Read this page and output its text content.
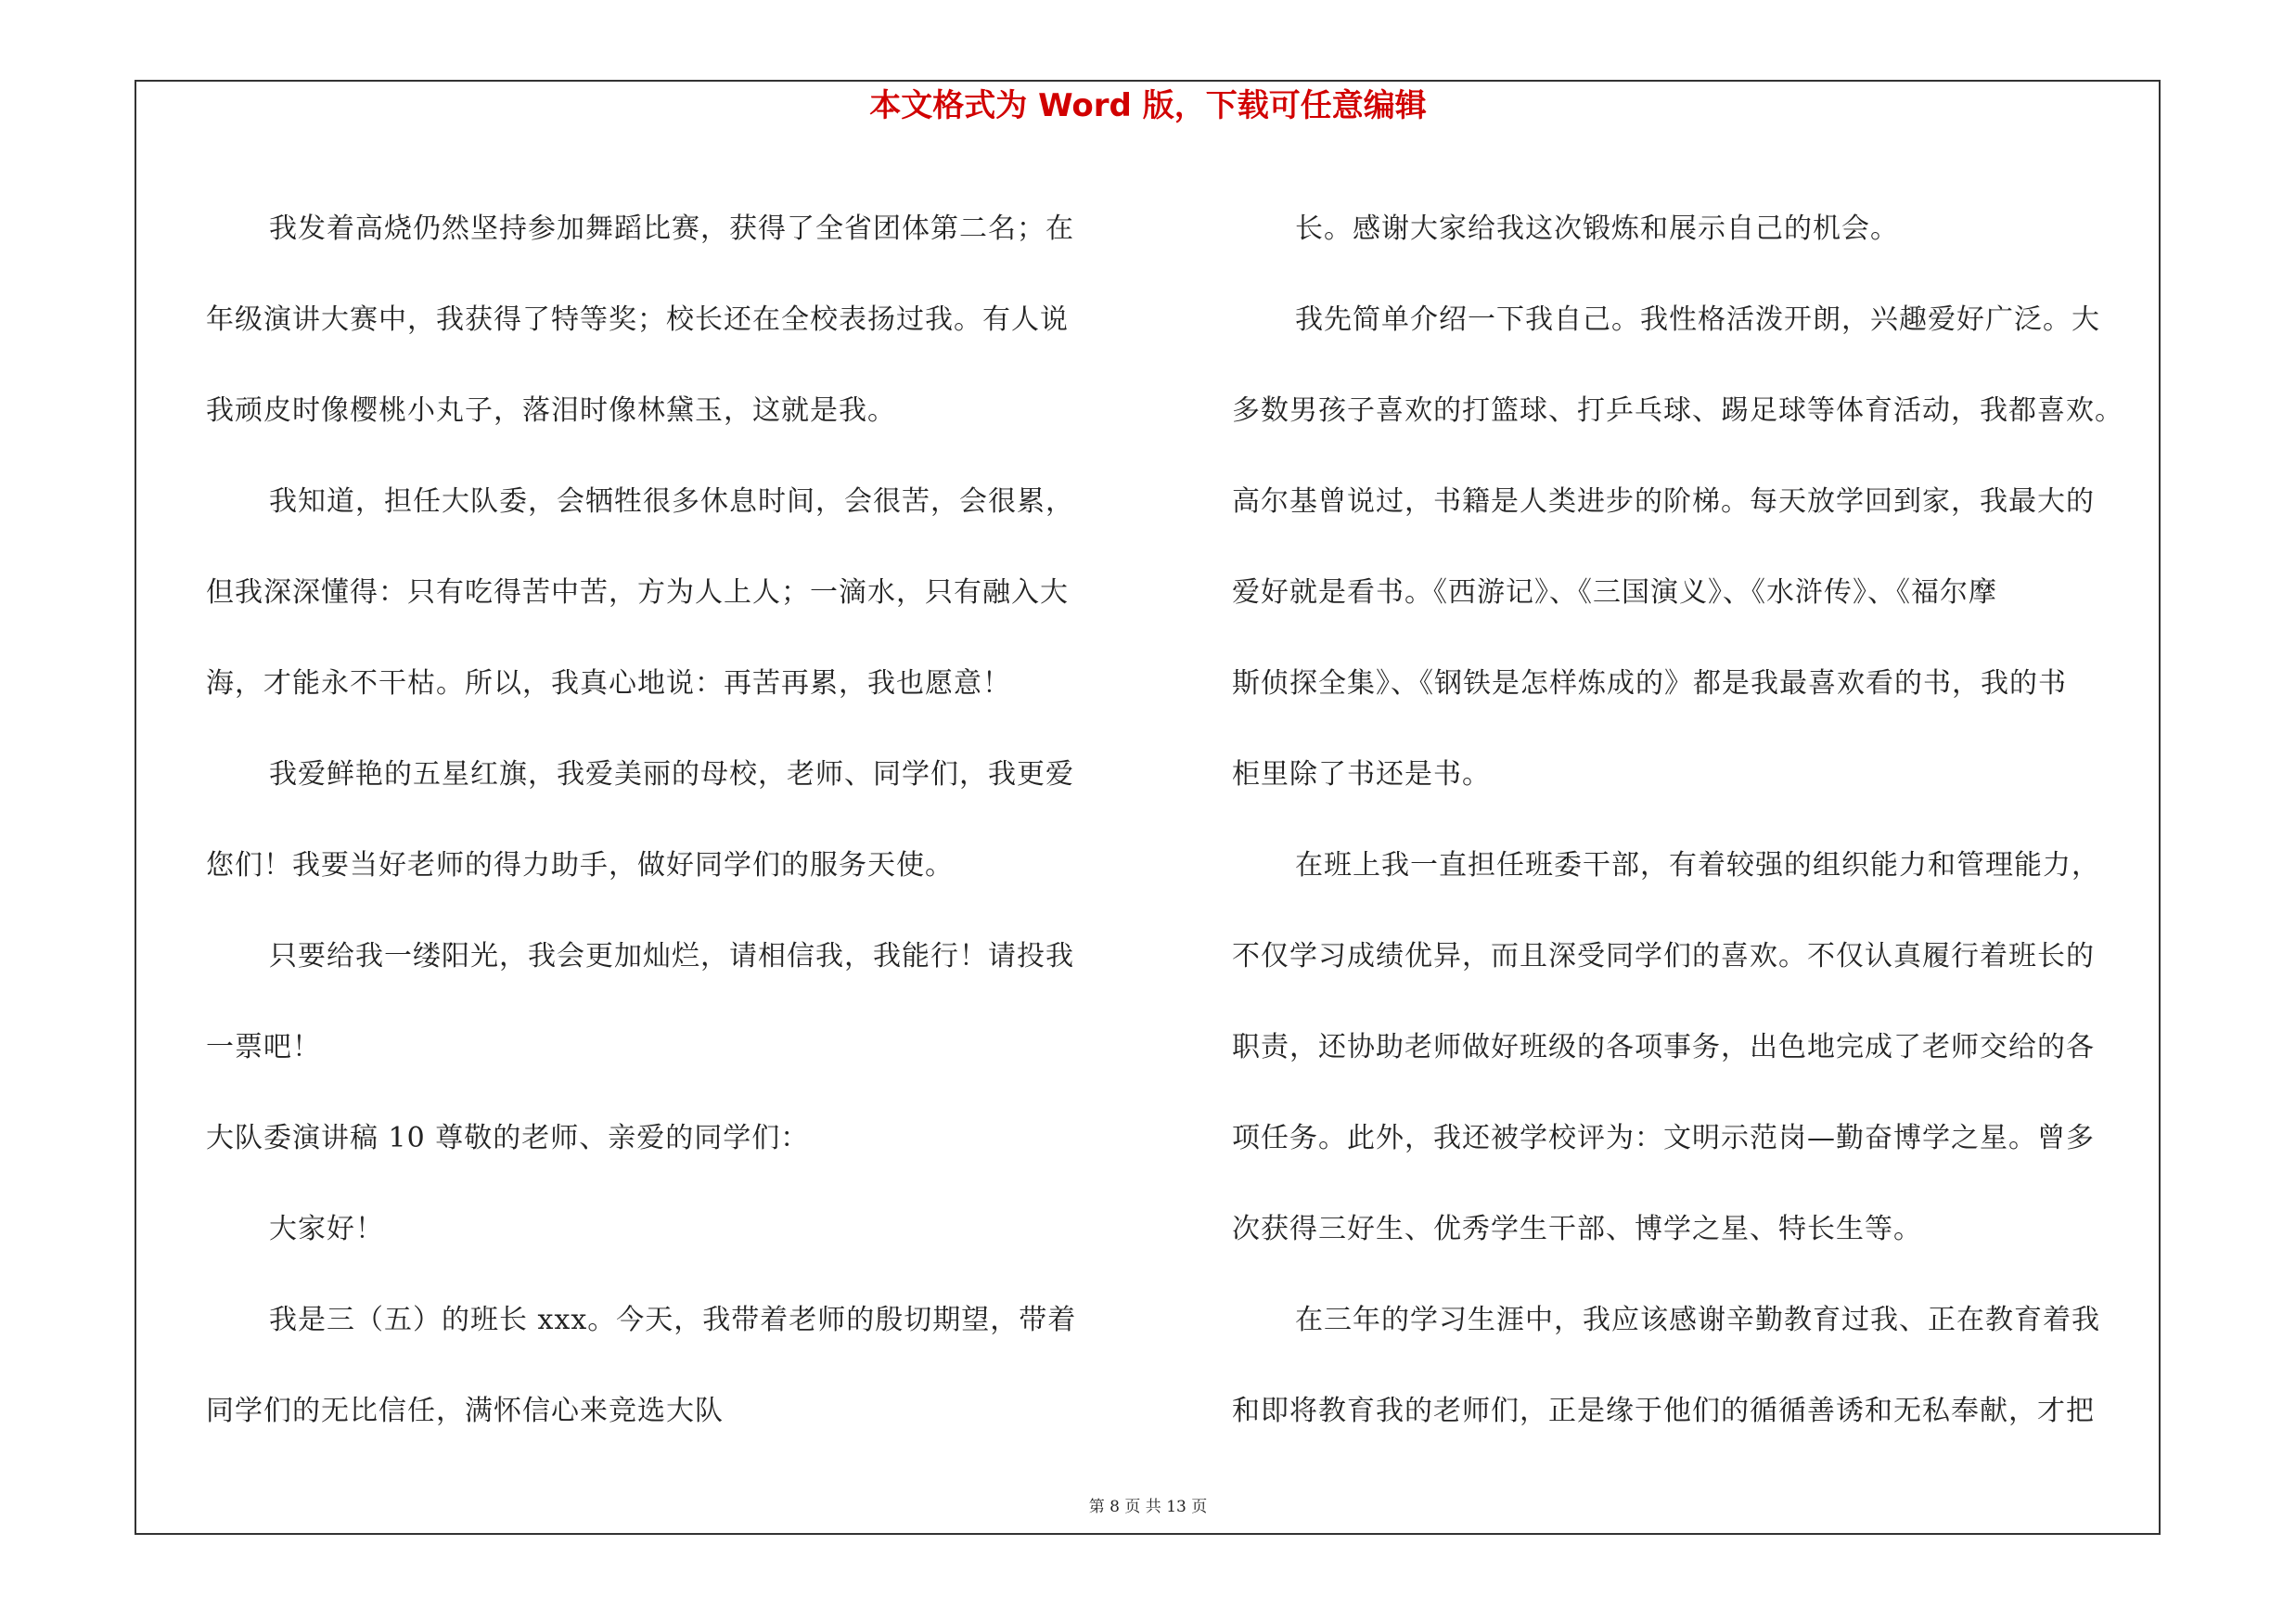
本文格式为 Word 版，下载可任意编辑

我发着高烧仍然坚持参加舞蹈比赛，获得了全省团体第二名；在

年级演讲大赛中，我获得了特等奖；校长还在全校表扬过我。有人说

我顽皮时像樱桃小丸子，落泪时像林黛玉，这就是我。

我知道，担任大队委，会牺牲很多休息时间，会很苦，会很累，

但我深深懂得：只有吃得苦中苦，方为人上人；一滴水，只有融入大

海，才能永不干枯。所以，我真心地说：再苦再累，我也愿意！

我爱鲜艳的五星红旗，我爱美丽的母校，老师、同学们，我更爱

您们！我要当好老师的得力助手，做好同学们的服务天使。

只要给我一缕阳光，我会更加灿烂，请相信我，我能行！请投我

一票吧！

大队委演讲稿 10 尊敬的老师、亲爱的同学们：

大家好！

我是三（五）的班长 xxx。今天，我带着老师的殷切期望，带着

同学们的无比信任，满怀信心来竞选大队

长。感谢大家给我这次锻炼和展示自己的机会。

我先简单介绍一下我自己。我性格活泼开朗，兴趣爱好广泛。大

多数男孩子喜欢的打篮球、打乒乓球、踢足球等体育活动，我都喜欢。

高尔基曾说过，书籍是人类进步的阶梯。每天放学回到家，我最大的

爱好就是看书。《西游记》、《三国演义》、《水浒传》、《福尔摩

斯侦探全集》、《钢铁是怎样炼成的》都是我最喜欢看的书，我的书

柜里除了书还是书。

在班上我一直担任班委干部，有着较强的组织能力和管理能力，

不仅学习成绩优异，而且深受同学们的喜欢。不仅认真履行着班长的

职责，还协助老师做好班级的各项事务，出色地完成了老师交给的各

项任务。此外，我还被学校评为：文明示范岗—勤奋博学之星。曾多

次获得三好生、优秀学生干部、博学之星、特长生等。

在三年的学习生涯中，我应该感谢辛勤教育过我、正在教育着我

和即将教育我的老师们，正是缘于他们的循循善诱和无私奉献，才把

第 8 页 共 13 页
